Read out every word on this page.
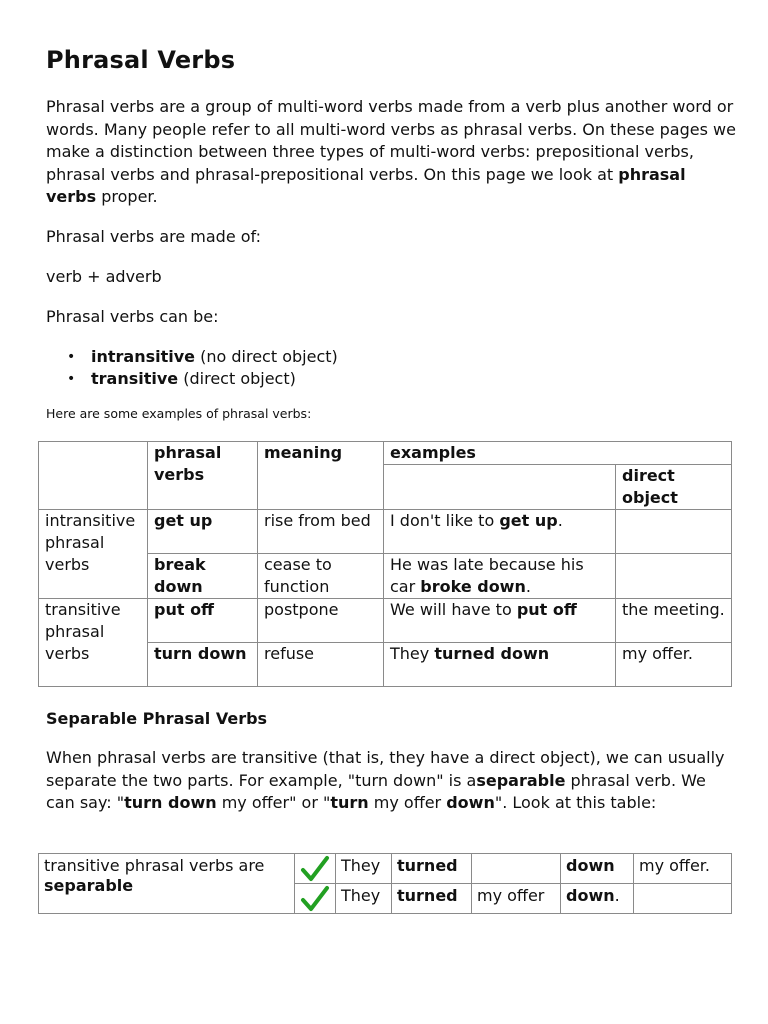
Phrasal Verbs

Phrasal verbs are a group of multi-word verbs made from a verb plus another word or words. Many people refer to all multi-word verbs as phrasal verbs. On these pages we make a distinction between three types of multi-word verbs: prepositional verbs, phrasal verbs and phrasal-prepositional verbs. On this page we look at phrasal verbs proper.

Phrasal verbs are made of:

verb + adverb

Phrasal verbs can be:

• intransitive (no direct object)
• transitive (direct object)

Here are some examples of phrasal verbs:

	phrasal verbs	meaning	examples	
				direct object
intransitive phrasal verbs	get up	rise from bed	I don't like to get up.	
	break down	cease to function	He was late because his car broke down.	
transitive phrasal verbs	put off	postpone	We will have to put off	the meeting.
	turn down	refuse	They turned down	my offer.

Separable Phrasal Verbs

When phrasal verbs are transitive (that is, they have a direct object), we can usually separate the two parts. For example, "turn down" is aseparable phrasal verb. We can say: "turn down my offer" or "turn my offer down". Look at this table:

transitive phrasal verbs are separable		They	turned		down	my offer.

	They	turned	my offer	down.	
